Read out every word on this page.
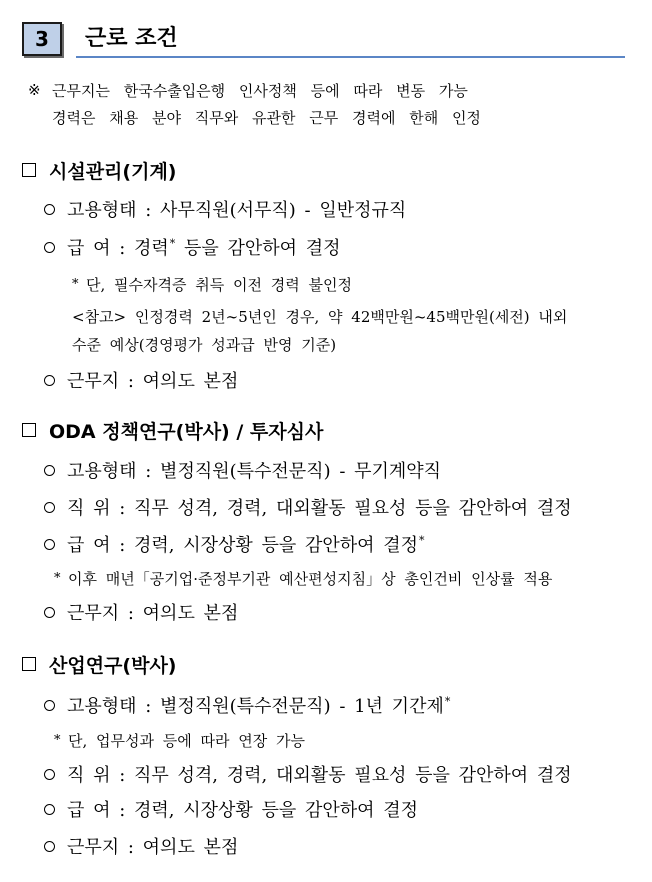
3	근로 조건
※ 근무지는 한국수출입은행 인사정책 등에 따라 변동 가능
경력은 채용 분야 직무와 유관한 근무 경력에 한해 인정
시설관리(기계)
고용형태 : 사무직원(서무직) - 일반정규직
급 여 : 경력* 등을 감안하여 결정
* 단, 필수자격증 취득 이전 경력 불인정
<참고> 인정경력 2년∼5년인 경우, 약 42백만원~45백만원(세전) 내외
수준 예상(경영평가 성과급 반영 기준)
근무지 : 여의도 본점
ODA 정책연구(박사) / 투자심사
고용형태 : 별정직원(특수전문직) - 무기계약직
직 위 : 직무 성격, 경력, 대외활동 필요성 등을 감안하여 결정
급 여 : 경력, 시장상황 등을 감안하여 결정*
* 이후 매년「공기업·준정부기관 예산편성지침」상 총인건비 인상률 적용
근무지 : 여의도 본점
산업연구(박사)
고용형태 : 별정직원(특수전문직) - 1년 기간제*
* 단, 업무성과 등에 따라 연장 가능
직 위 : 직무 성격, 경력, 대외활동 필요성 등을 감안하여 결정
급 여 : 경력, 시장상황 등을 감안하여 결정
근무지 : 여의도 본점
